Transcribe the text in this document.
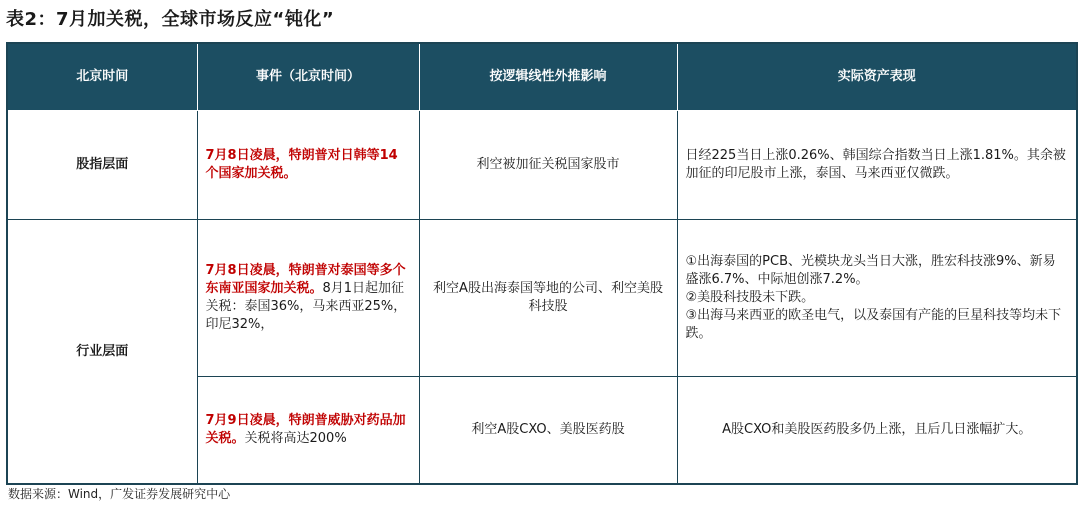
表2：7月加关税，全球市场反应“钝化”
北京时间	事件（北京时间）	按逻辑线性外推影响	实际资产表现
股指层面	7月8日凌晨，特朗普对日韩等14个国家加关税。	利空被加征关税国家股市	日经225当日上涨0.26%、韩国综合指数当日上涨1.81%。其余被加征的印尼股市上涨，泰国、马来西亚仅微跌。

行业层面	7月8日凌晨，特朗普对泰国等多个东南亚国家加关税。8月1日起加征关税：泰国36%，马来西亚25%，印尼32%，	利空A股出海泰国等地的公司、利空美股科技股	①出海泰国的PCB、光模块龙头当日大涨，胜宏科技涨9%、新易盛涨6.7%、中际旭创涨7.2%。
②美股科技股未下跌。
③出海马来西亚的欧圣电气，以及泰国有产能的巨星科技等均未下跌。

	7月9日凌晨，特朗普威胁对药品加关税。关税将高达200%	利空A股CXO、美股医药股	A股CXO和美股医药股多仍上涨，且后几日涨幅扩大。
数据来源：Wind，广发证券发展研究中心
